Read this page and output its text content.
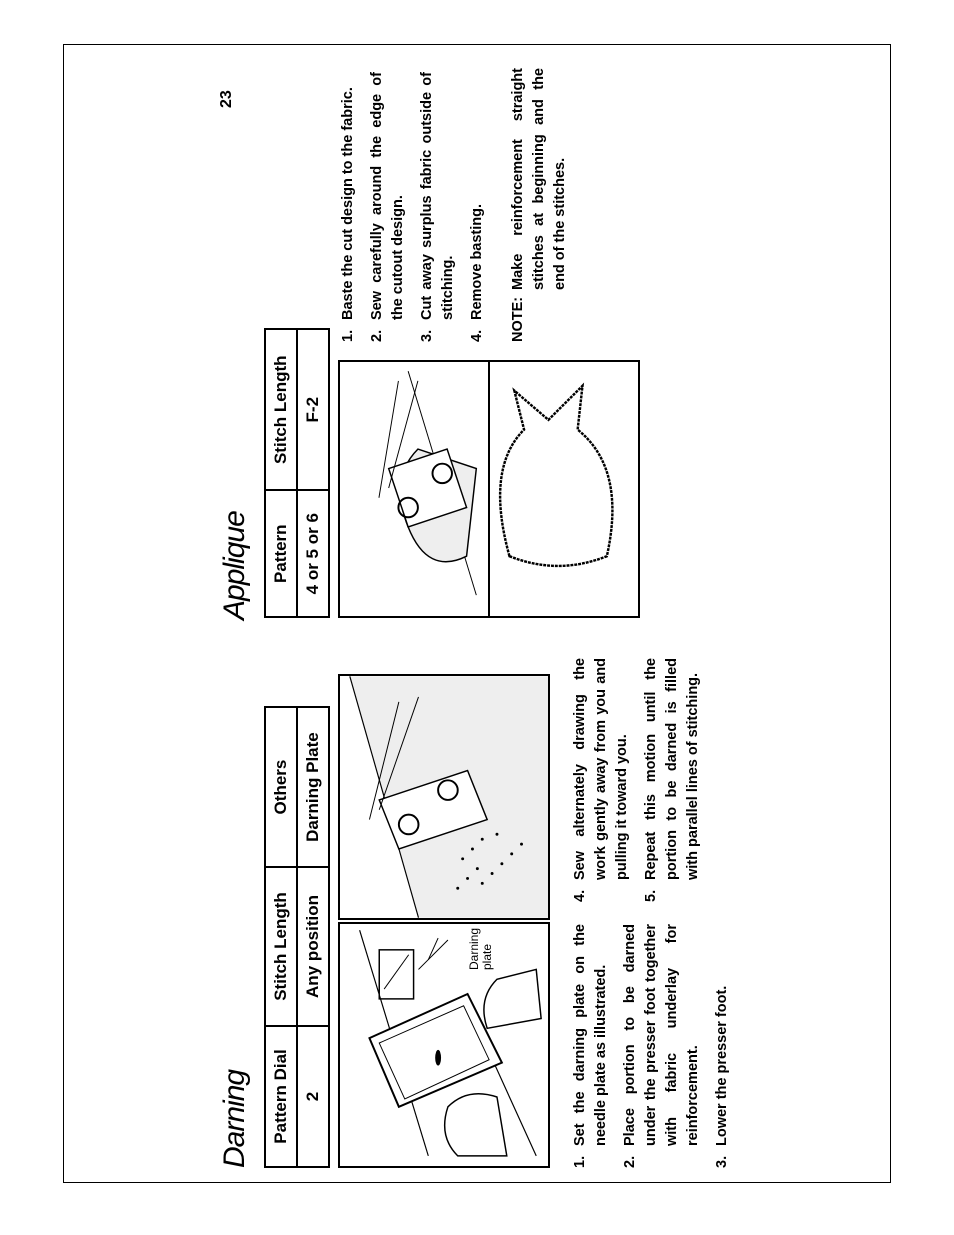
Darning Pattern Dial	Stitch Length	Others
2	Any position	Darning Plate
Darning
plate
1.
Set the darning plate on the needle plate as illustrated.
2.
Place portion to be darned under the presser foot together with fabric underlay for reinforcement.
3.
Lower the presser foot.
4.
Sew alternately drawing the work gently away from you and pulling it toward you.
5.
Repeat this motion until the portion to be darned is filled with parallel lines of stitching.
Applique Pattern	Stitch Length
4 or 5 or 6	F-2
1.
Baste the cut design to the fabric.
2.
Sew carefully around the edge of the cutout design.
3.
Cut away surplus fabric outside of stitching.
4.
Remove basting. NOTE:Make reinforcement straight stitches at beginning and the end of the stitches.
23
